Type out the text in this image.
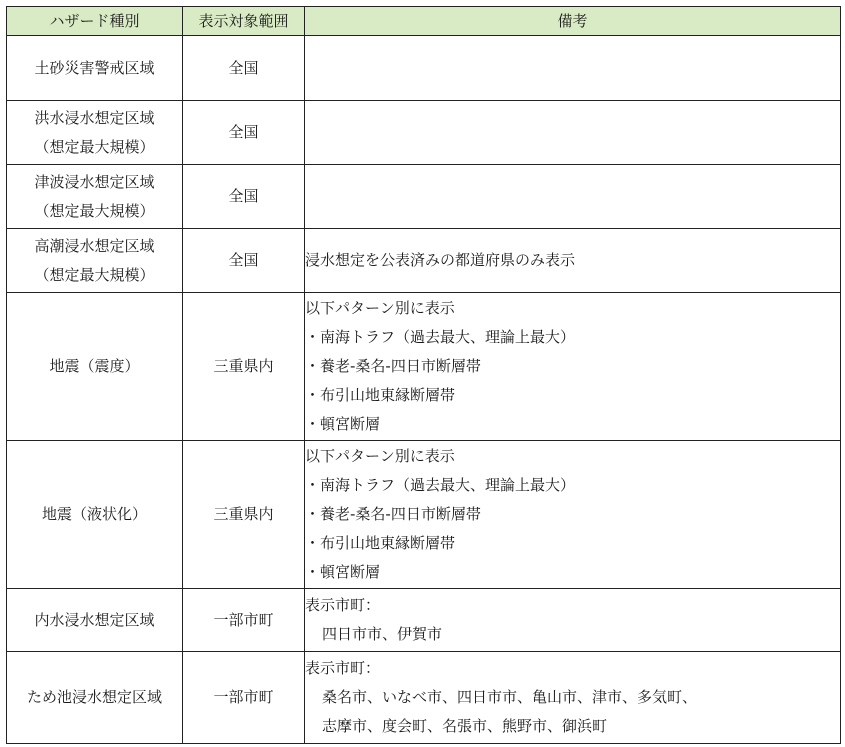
ハザード種別	表示対象範囲	備考

土砂災害警戒区域	全国	

洪水浸水想定区域
（想定最大規模）	全国	

津波浸水想定区域
（想定最大規模）	全国	

高潮浸水想定区域
（想定最大規模）	全国	浸水想定を公表済みの都道府県のみ表示

地震（震度）	三重県内	以下パターン別に表示
・南海トラフ（過去最大、理論上最大）
・養老-桑名-四日市断層帯
・布引山地東縁断層帯
・頓宮断層

地震（液状化）	三重県内	以下パターン別に表示
・南海トラフ（過去最大、理論上最大）
・養老-桑名-四日市断層帯
・布引山地東縁断層帯
・頓宮断層

内水浸水想定区域	一部市町	表示市町：
四日市市、伊賀市

ため池浸水想定区域	一部市町	表示市町：
桑名市、いなべ市、四日市市、亀山市、津市、多気町、
志摩市、度会町、名張市、熊野市、御浜町
